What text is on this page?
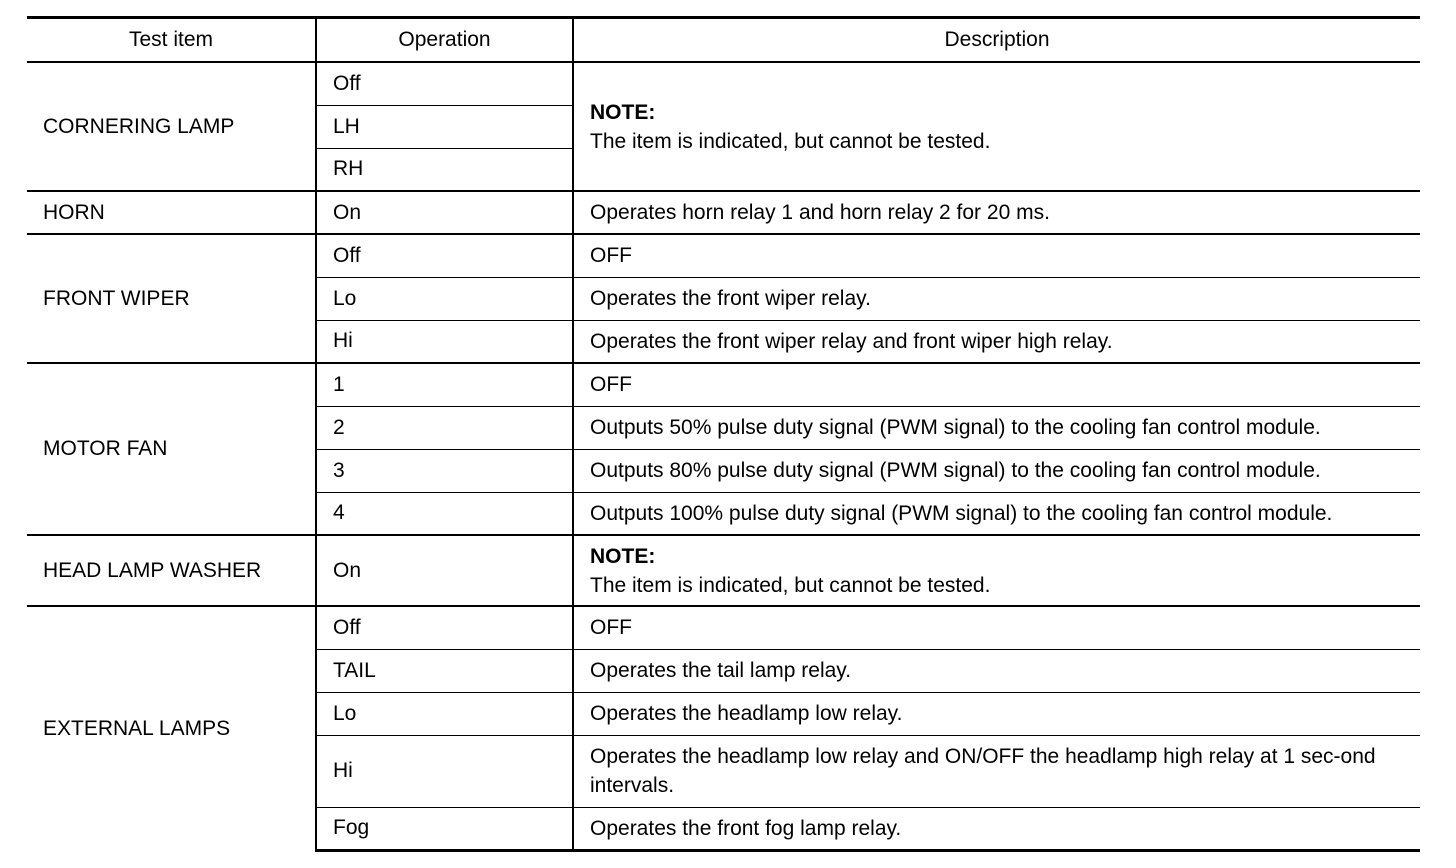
Test item	Operation	Description
CORNERING LAMP	Off	NOTE:
The item is indicated, but cannot be tested.
	LH	
	RH	
HORN	On	Operates horn relay 1 and horn relay 2 for 20 ms.
FRONT WIPER	Off	OFF
	Lo	Operates the front wiper relay.
	Hi	Operates the front wiper relay and front wiper high relay.
MOTOR FAN	1	OFF
	2	Outputs 50% pulse duty signal (PWM signal) to the cooling fan control module.
	3	Outputs 80% pulse duty signal (PWM signal) to the cooling fan control module.
	4	Outputs 100% pulse duty signal (PWM signal) to the cooling fan control module.
HEAD LAMP WASHER	On	NOTE:
The item is indicated, but cannot be tested.
EXTERNAL LAMPS	Off	OFF
	TAIL	Operates the tail lamp relay.
	Lo	Operates the headlamp low relay.
	Hi	Operates the headlamp low relay and ON/OFF the headlamp high relay at 1 sec-ond intervals.
	Fog	Operates the front fog lamp relay.
